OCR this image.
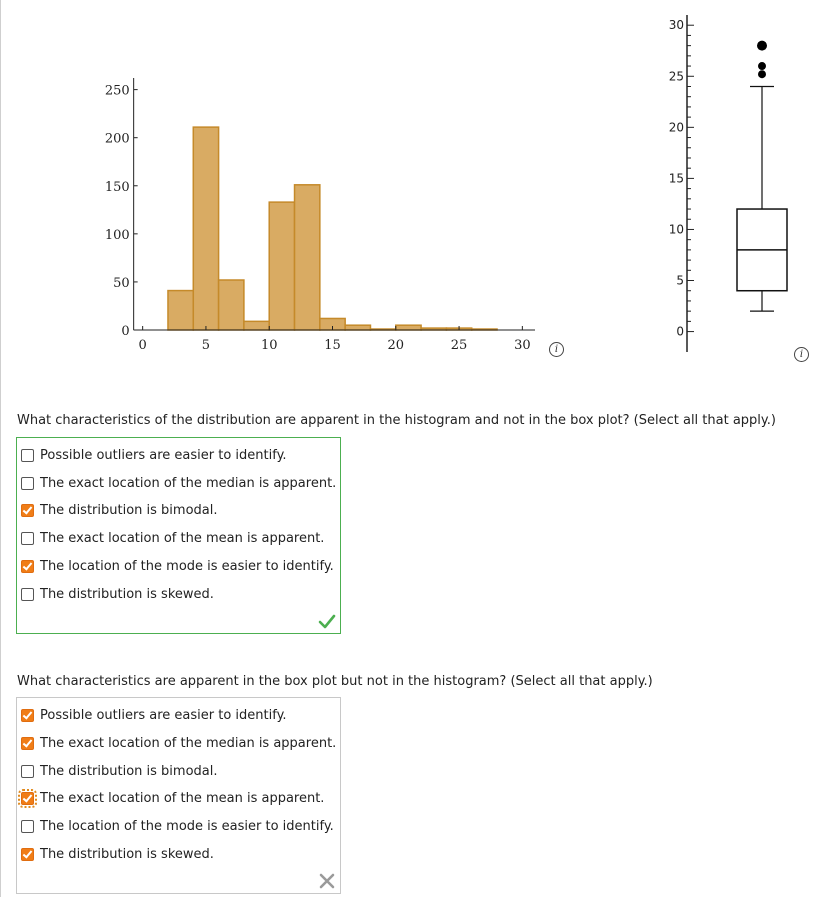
0
50
100
150
200
250
0	5	10	15	20	25	30	i
0
5
10
15
20
25
30
i
What characteristics of the distribution are apparent in the histogram and not in the box plot? (Select all that apply.)
Possible outliers are easier to identify.
The exact location of the median is apparent.
The distribution is bimodal.
The exact location of the mean is apparent.
The location of the mode is easier to identify.
The distribution is skewed.
What characteristics are apparent in the box plot but not in the histogram? (Select all that apply.)
Possible outliers are easier to identify.
The exact location of the median is apparent.
The distribution is bimodal.
The exact location of the mean is apparent.
The location of the mode is easier to identify.
The distribution is skewed.
